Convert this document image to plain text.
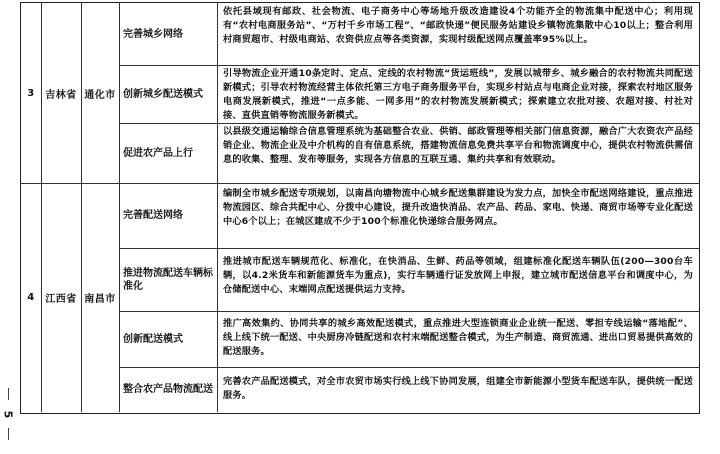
5
3	吉林省 通化市
完善城乡网络
依托县域现有邮政、社会物流、电子商务中心等场地升级改造建设4个功能齐全的物流集中配送中心；利用现有“农村电商服务站”、“万村千乡市场工程”、“邮政快递”便民服务站建设乡镇物流集散中心10以上；整合利用村商贸超市、村级电商站、农资供应点等各类资源，实现村级配送网点覆盖率95%以上。
创新城乡配送模式
引导物流企业开通10条定时、定点、定线的农村物流“货运班线”，发展以城带乡、城乡融合的农村物流共同配送新模式；引导农村物流经营主体依托第三方电子商务服务平台，实现乡村站点与电商企业对接，探索农村地区服务电商发展新模式，推进“一点多能、一网多用”的农村物流发展新模式；探索建立农批对接、农超对接、村社对接、直供直销等物流服务新模式。
促进农产品上行
以县级交通运输综合信息管理系统为基础整合农业、供销、邮政管理等相关部门信息资源，融合广大农资农产品经销企业、物流企业及中介机构的自有信息系统，搭建物流信息免费共享平台和物流调度中心，提供农村物流供需信息的收集、整理、发布等服务，实现各方信息的互联互通、集约共享和有效联动。
4	江西省 南昌市
完善配送网络
编制全市城乡配送专项规划，以南昌向塘物流中心城乡配送集群建设为发力点，加快全市配送网络建设，重点推进物流园区、综合共配中心、分拨中心建设，提升改造快消品、农产品、药品、家电、快递、商贸市场等专业化配送中心6个以上；在城区建成不少于100个标准化快递综合服务网点。
推进物流配送车辆标准化
推进城市配送车辆规范化、标准化，在快消品、生鲜、药品等领域，组建标准化配送车辆队伍(200—300台车辆，以4.2米货车和新能源货车为重点)，实行车辆通行证发放网上申报，建立城市配送信息平台和调度中心，为仓储配送中心、末端网点配送提供运力支持。
创新配送模式
推广高效集约、协同共享的城乡高效配送模式，重点推进大型连锁商业企业统一配送、零担专线运输“落地配”、线上线下统一配送、中央厨房冷链配送和农村末端配送整合模式，为生产制造、商贸流通、进出口贸易提供高效的配送服务。
整合农产品物流配送
完善农产品配送模式，对全市农贸市场实行线上线下协同发展，组建全市新能源小型货车配送车队，提供统一配送服务。
